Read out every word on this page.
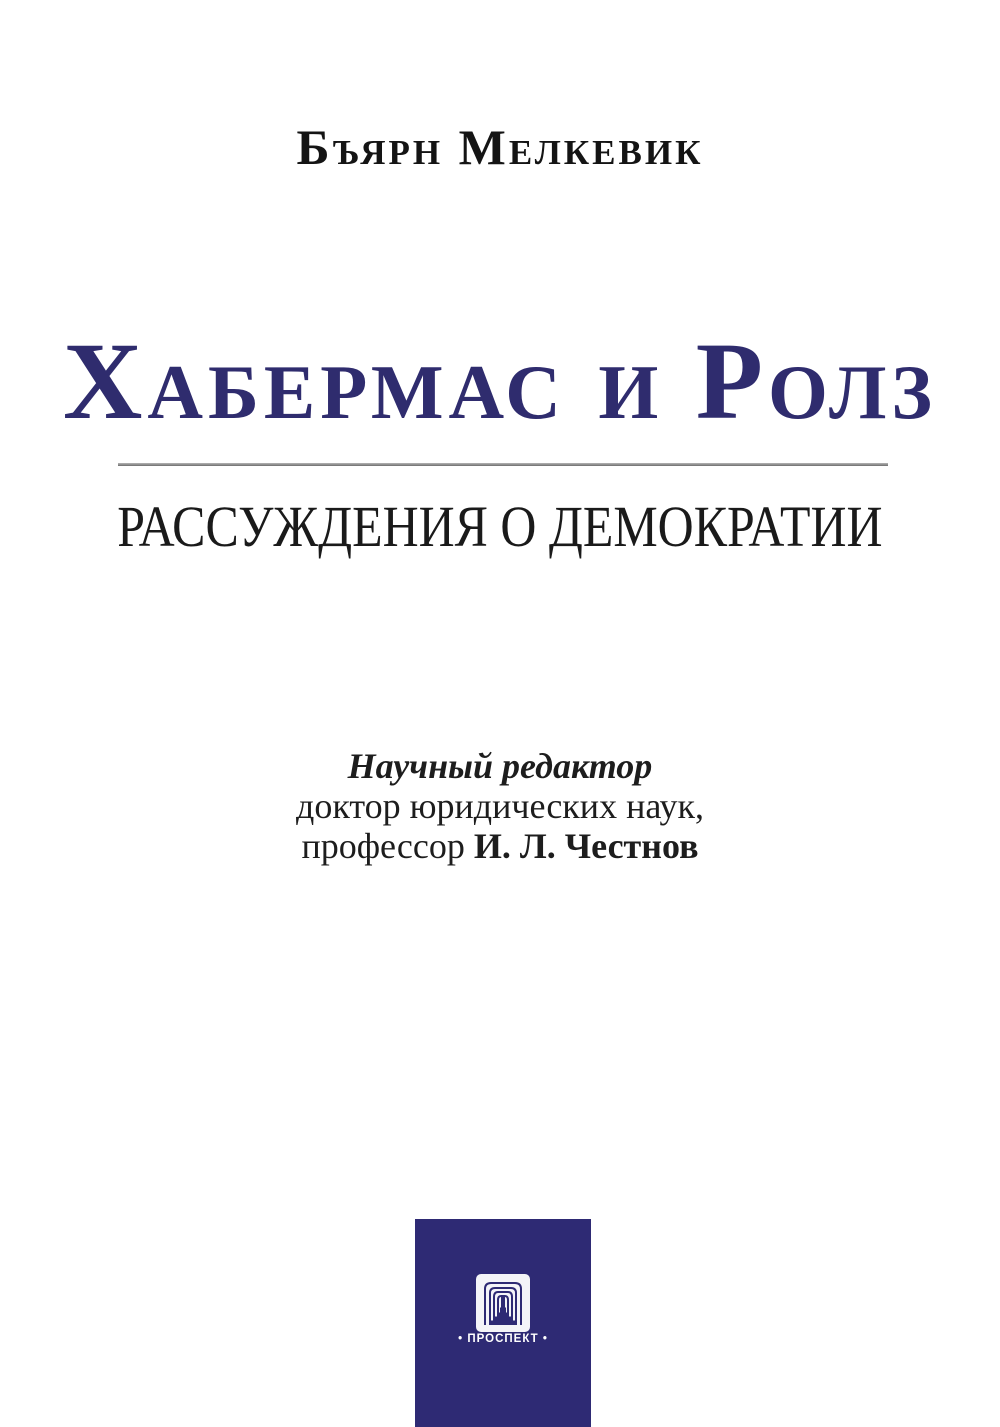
Бъярн Мелкевик
Хабермас и Ролз
РАССУЖДЕНИЯ О ДЕМОКРАТИИ
Научный редактор
доктор юридических наук,
профессор И. Л. Честнов
• ПРОСПЕКТ •
